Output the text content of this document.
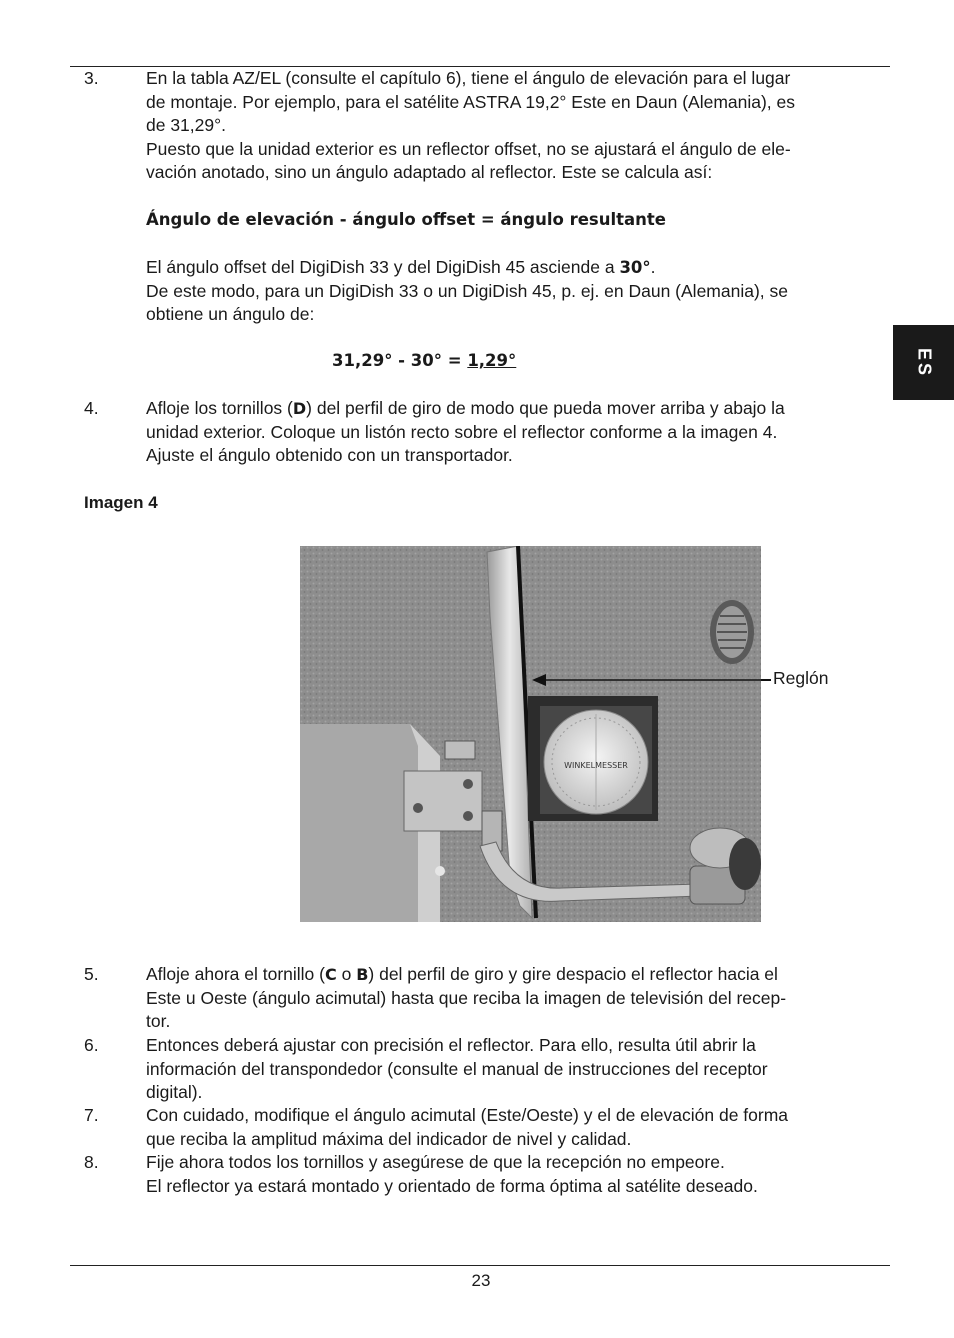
ES
3.	En la tabla AZ/EL (consulte el capítulo 6), tiene el ángulo de elevación para el lugar

de montaje. Por ejemplo, para el satélite ASTRA 19,2° Este en Daun (Alemania), es

de 31,29°.

Puesto que la unidad exterior es un reflector offset, no se ajustará el ángulo de ele-

vación anotado, sino un ángulo adaptado al reflector. Este se calcula así:

Ángulo de elevación - ángulo offset = ángulo resultante

El ángulo offset del DigiDish 33 y del DigiDish 45 asciende a 30°.

De este modo, para un DigiDish 33 o un DigiDish 45, p. ej. en Daun (Alemania), se

obtiene un ángulo de:

31,29° - 30° = 1,29°
4.	Afloje los tornillos (D) del perfil de giro de modo que pueda mover arriba y abajo la

unidad exterior. Coloque un listón recto sobre el reflector conforme a la imagen 4.

Ajuste el ángulo obtenido con un transportador.

Imagen 4
WINKELMESSER
Reglón
5.	Afloje ahora el tornillo (C o B) del perfil de giro y gire despacio el reflector hacia el

Este u Oeste (ángulo acimutal) hasta que reciba la imagen de televisión del recep-

tor.

6.	Entonces deberá ajustar con precisión el reflector. Para ello, resulta útil abrir la

información del transpondedor (consulte el manual de instrucciones del receptor

digital).

7.	Con cuidado, modifique el ángulo acimutal (Este/Oeste) y el de elevación de forma

que reciba la amplitud máxima del indicador de nivel y calidad.

8.	Fije ahora todos los tornillos y asegúrese de que la recepción no empeore.

El reflector ya estará montado y orientado de forma óptima al satélite deseado.

23
